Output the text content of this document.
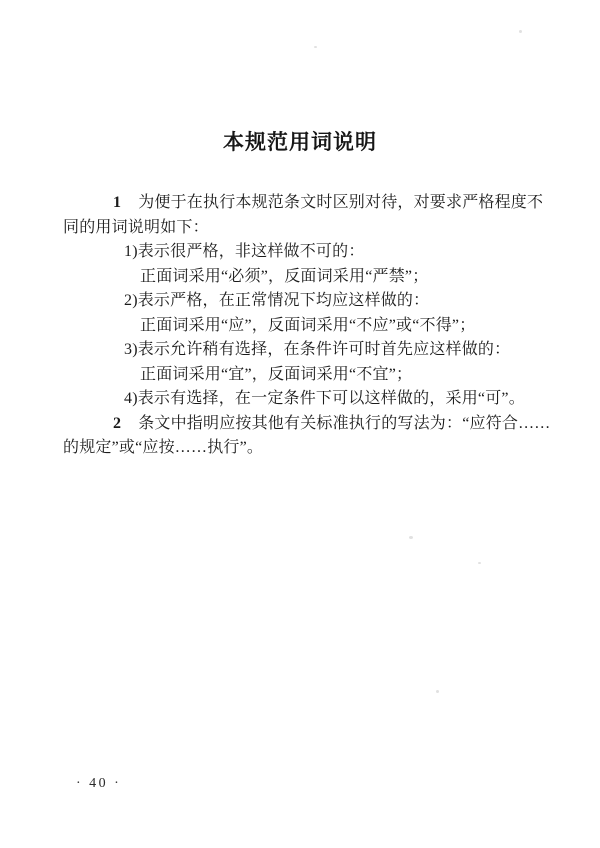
本规范用词说明
1 为便于在执行本规范条文时区别对待，对要求严格程度不
同的用词说明如下：
1)表示很严格，非这样做不可的：
正面词采用“必须”，反面词采用“严禁”；
2)表示严格，在正常情况下均应这样做的：
正面词采用“应”，反面词采用“不应”或“不得”；
3)表示允许稍有选择，在条件许可时首先应这样做的：
正面词采用“宜”，反面词采用“不宜”；
4)表示有选择，在一定条件下可以这样做的，采用“可”。
2 条文中指明应按其他有关标准执行的写法为：“应符合……
的规定”或“应按……执行”。
· 40 ·
